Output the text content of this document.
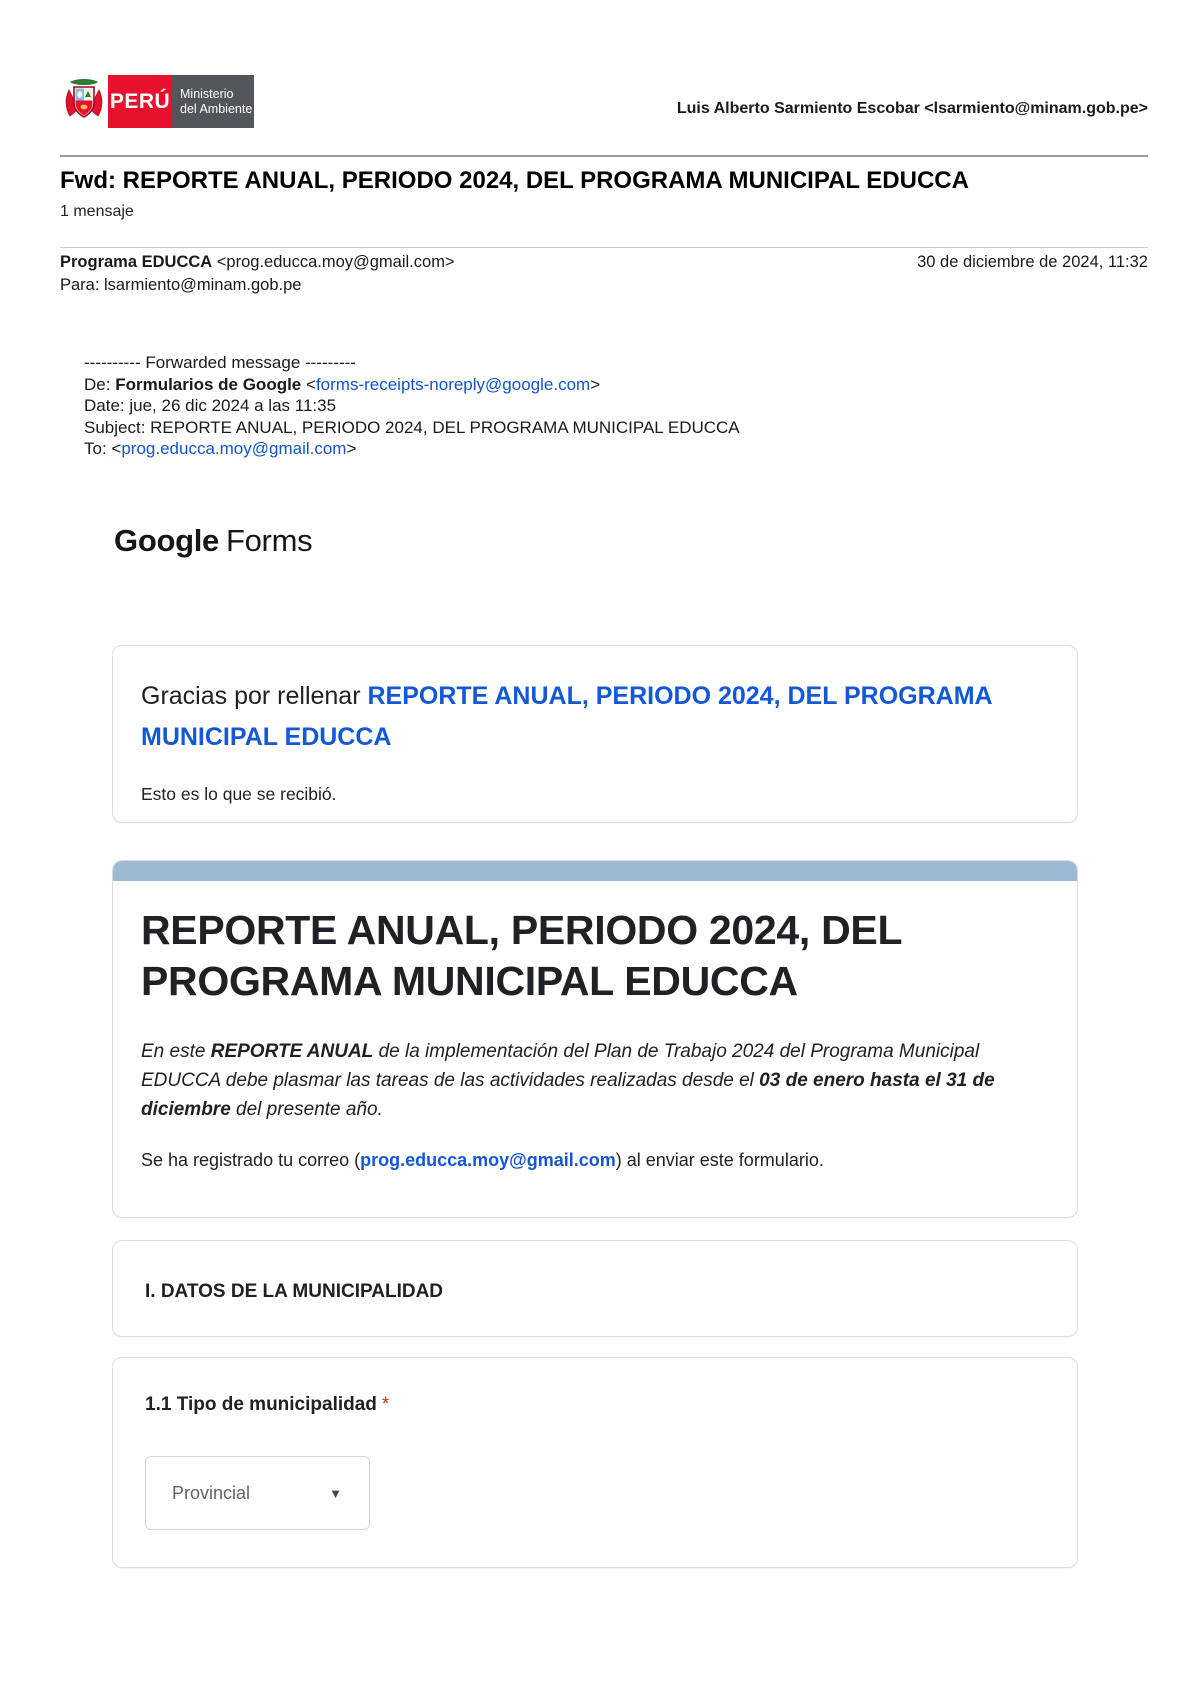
PERÚ Ministerio
del Ambiente	Luis Alberto Sarmiento Escobar <lsarmiento@minam.gob.pe>
Fwd: REPORTE ANUAL, PERIODO 2024, DEL PROGRAMA MUNICIPAL EDUCCA
1 mensaje
Programa EDUCCA <prog.educca.moy@gmail.com>	30 de diciembre de 2024, 11:32
Para: lsarmiento@minam.gob.pe
---------- Forwarded message ---------
De: Formularios de Google <forms-receipts-noreply@google.com>
Date: jue, 26 dic 2024 a las 11:35
Subject: REPORTE ANUAL, PERIODO 2024, DEL PROGRAMA MUNICIPAL EDUCCA
To: <prog.educca.moy@gmail.com>
Google Forms
Gracias por rellenar REPORTE ANUAL, PERIODO 2024, DEL PROGRAMA MUNICIPAL EDUCCA
Esto es lo que se recibió.
REPORTE ANUAL, PERIODO 2024, DEL PROGRAMA MUNICIPAL EDUCCA
En este REPORTE ANUAL de la implementación del Plan de Trabajo 2024 del Programa Municipal EDUCCA debe plasmar las tareas de las actividades realizadas desde el 03 de enero hasta el 31 de diciembre del presente año.
Se ha registrado tu correo (prog.educca.moy@gmail.com) al enviar este formulario.
I. DATOS DE LA MUNICIPALIDAD
1.1 Tipo de municipalidad *
Provincial	▼
